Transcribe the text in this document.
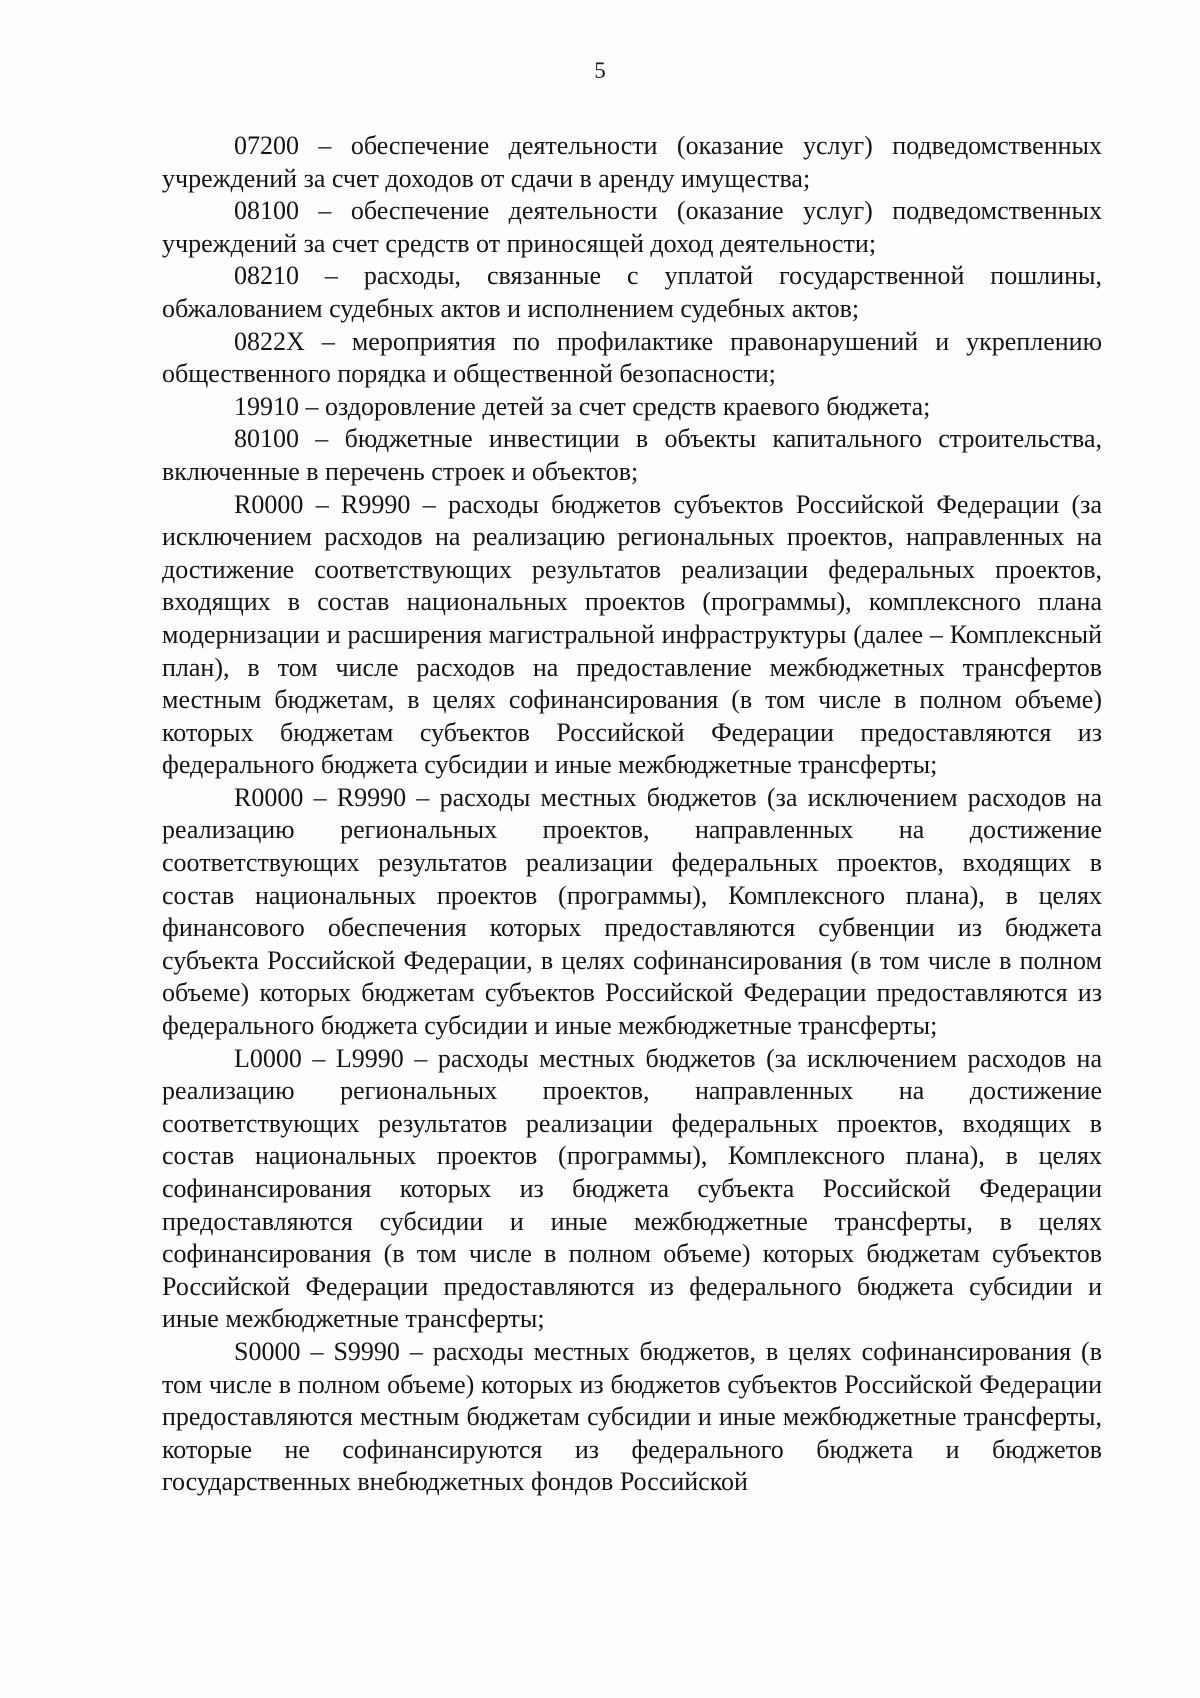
5

07200 – обеспечение деятельности (оказание услуг) подведомственных учреждений за счет доходов от сдачи в аренду имущества;

08100 – обеспечение деятельности (оказание услуг) подведомственных учреждений за счет средств от приносящей доход деятельности;

08210 – расходы, связанные с уплатой государственной пошлины, обжалованием судебных актов и исполнением судебных актов;

0822X – мероприятия по профилактике правонарушений и укреплению общественного порядка и общественной безопасности;

19910 – оздоровление детей за счет средств краевого бюджета;

80100 – бюджетные инвестиции в объекты капитального строительства, включенные в перечень строек и объектов;

R0000 – R9990 – расходы бюджетов субъектов Российской Федерации (за исключением расходов на реализацию региональных проектов, направленных на достижение соответствующих результатов реализации федеральных проектов, входящих в состав национальных проектов (программы), комплексного плана модернизации и расширения магистральной инфраструктуры (далее – Комплексный план), в том числе расходов на предоставление межбюджетных трансфертов местным бюджетам, в целях софинансирования (в том числе в полном объеме) которых бюджетам субъектов Российской Федерации предоставляются из федерального бюджета субсидии и иные межбюджетные трансферты;

R0000 – R9990 – расходы местных бюджетов (за исключением расходов на реализацию региональных проектов, направленных на достижение соответствующих результатов реализации федеральных проектов, входящих в состав национальных проектов (программы), Комплексного плана), в целях финансового обеспечения которых предоставляются субвенции из бюджета субъекта Российской Федерации, в целях софинансирования (в том числе в полном объеме) которых бюджетам субъектов Российской Федерации предоставляются из федерального бюджета субсидии и иные межбюджетные трансферты;

L0000 – L9990 – расходы местных бюджетов (за исключением расходов на реализацию региональных проектов, направленных на достижение соответствующих результатов реализации федеральных проектов, входящих в состав национальных проектов (программы), Комплексного плана), в целях софинансирования которых из бюджета субъекта Российской Федерации предоставляются субсидии и иные межбюджетные трансферты, в целях софинансирования (в том числе в полном объеме) которых бюджетам субъектов Российской Федерации предоставляются из федерального бюджета субсидии и иные межбюджетные трансферты;

S0000 – S9990 – расходы местных бюджетов, в целях софинансирования (в том числе в полном объеме) которых из бюджетов субъектов Российской Федерации предоставляются местным бюджетам субсидии и иные межбюджетные трансферты, которые не софинансируются из федерального бюджета и бюджетов государственных внебюджетных фондов Российской
